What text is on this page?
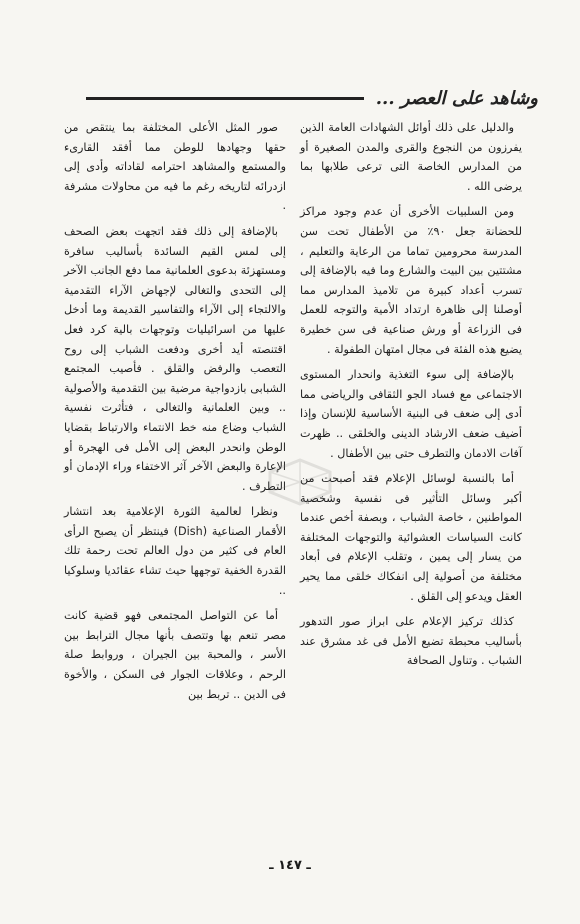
وشاهد على العصر ...

والدليل على ذلك أوائل الشهادات العامة الذين يفرزون من النجوع والقرى والمدن الصغيرة أو من المدارس الخاصة التى ترعى طلابها بما يرضى الله .

ومن السلبيات الأخرى أن عدم وجود مراكز للحضانة جعل ٩٠٪ من الأطفال تحت سن المدرسة محرومين تماما من الرعاية والتعليم ، مشتتين بين البيت والشارع وما فيه بالإضافة إلى تسرب أعداد كبيرة من تلاميذ المدارس مما أوصلنا إلى ظاهرة ارتداد الأمية والتوجه للعمل فى الزراعة أو ورش صناعية فى سن خطيرة يضيع هذه الفئة فى مجال امتهان الطفولة .

بالإضافة إلى سوء التغذية وانحدار المستوى الاجتماعى مع فساد الجو الثقافى والرياضى مما أدى إلى ضعف فى البنية الأساسية للإنسان وإذا أضيف ضعف الارشاد الدينى والخلقى .. ظهرت آفات الادمان والتطرف حتى بين الأطفال .

أما بالنسبة لوسائل الإعلام فقد أصبحت من أكبر وسائل التأثير فى نفسية وشخصية المواطنين ، خاصة الشباب ، وبصفة أخص عندما كانت السياسات العشوائية والتوجهات المختلفة من يسار إلى يمين ، وتقلب الإعلام فى أبعاد مختلفة من أصولية إلى انفكاك خلقى مما يحير العقل ويدعو إلى القلق .

كذلك تركيز الإعلام على ابراز صور التدهور بأساليب محبطة تضيع الأمل فى غد مشرق عند الشباب . وتناول الصحافة

صور المثل الأعلى المختلفة بما ينتقص من حقها وجهادها للوطن مما أفقد القارىء والمستمع والمشاهد احترامه لقاداته وأدى إلى ازدرائه لتاريخه رغم ما فيه من محاولات مشرفة .

بالإضافة إلى ذلك فقد اتجهت بعض الصحف إلى لمس القيم السائدة بأساليب سافرة ومستهزئة بدعوى العلمانية مما دفع الجانب الآخر إلى التحدى والتغالى لإجهاض الآراء التقدمية والالتجاء إلى الآراء والتفاسير القديمة وما أدخل عليها من اسرائيليات وتوجهات بالية كرد فعل اقتنصته أيد أخرى ودفعت الشباب إلى روح التعصب والرفض والقلق . فأصيب المجتمع الشبابى بازدواجية مرضية بين التقدمية والأصولية .. وبين العلمانية والتغالى ، فتأثرت نفسية الشباب وضاع منه خط الانتماء والارتباط بقضايا الوطن وانحدر البعض إلى الأمل فى الهجرة أو الإعارة والبعض الآخر آثر الاختفاء وراء الإدمان أو التطرف .

ونظرا لعالمية الثورة الإعلامية بعد انتشار الأقمار الصناعية (Dish) فينتظر أن يصبح الرأى العام فى كثير من دول العالم تحت رحمة تلك القدرة الخفية توجهها حيث تشاء عقائديا وسلوكيا ..

أما عن التواصل المجتمعى فهو قضية كانت مصر تنعم بها وتتصف بأنها مجال الترابط بين الأسر ، والمحبة بين الجيران ، وروابط صلة الرحم ، وعلاقات الجوار فى السكن ، والأخوة فى الدين .. تربط بين

ـ ١٤٧ ـ
